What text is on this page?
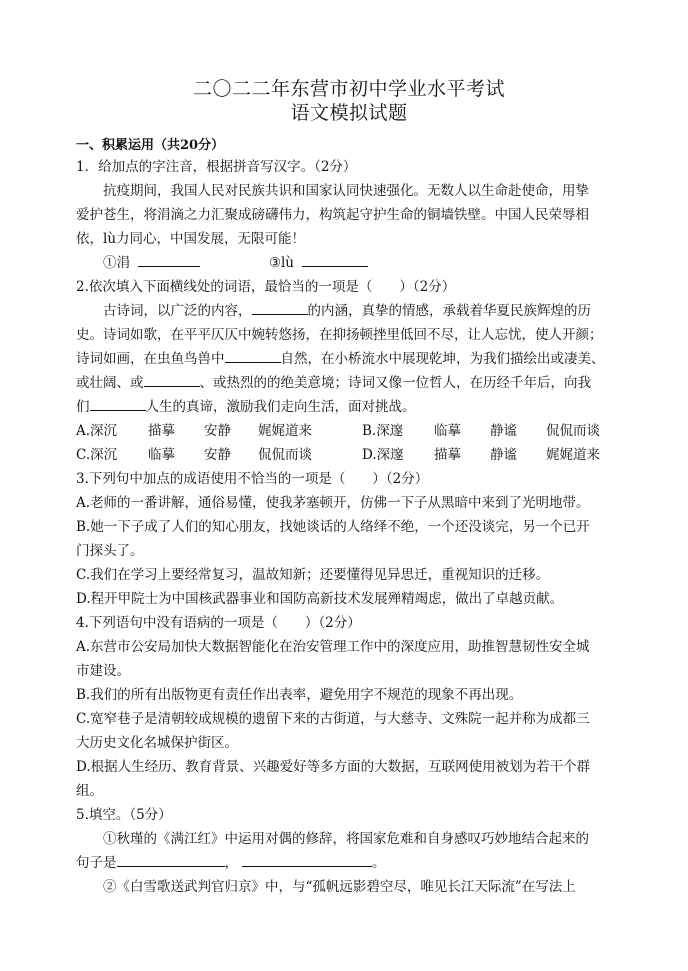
二〇二二年东营市初中学业水平考试
语文模拟试题
一、积累运用（共20分）
1．给加点的字注音，根据拼音写汉字。（2分）
抗疫期间，我国人民对民族共识和国家认同快速强化。无数人以生命赴使命，用挚
爱护苍生，将涓滴之力汇聚成磅礴伟力，构筑起守护生命的铜墙铁壁。中国人民荣辱相
依，lù力同心，中国发展，无限可能！
①涓	③lù
2.依次填入下面横线处的词语，最恰当的一项是（　　）（2分）
古诗词，以广泛的内容，	的内涵，真挚的情感，承载着华夏民族辉煌的历
史。诗词如歌，在平平仄仄中婉转悠扬，在抑扬顿挫里低回不尽，让人忘忧，使人开颜；
诗词如画，在虫鱼鸟兽中	自然，在小桥流水中展现乾坤，为我们描绘出或凄美、
或壮阔、或	、或热烈的的绝美意境；诗词又像一位哲人，在历经千年后，向我
们	人生的真谛，激励我们走向生活，面对挑战。
A.深沉	描摹	安静	娓娓道来	B.深邃	临摹	静谧	侃侃而谈
C.深沉	临摹	安静	侃侃而谈	D.深邃	描摹	静谧	娓娓道来
3.下列句中加点的成语使用不恰当的一项是（　　）（2分）
A.老师的一番讲解，通俗易懂，使我茅塞顿开，仿佛一下子从黑暗中来到了光明地带。
B.她一下子成了人们的知心朋友，找她谈话的人络绎不绝，一个还没谈完，另一个已开
门探头了。
C.我们在学习上要经常复习，温故知新；还要懂得见异思迁，重视知识的迁移。
D.程开甲院士为中国核武器事业和国防高新技术发展殚精竭虑，做出了卓越贡献。
4.下列语句中没有语病的一项是（　　）（2分）
A.东营市公安局加快大数据智能化在治安管理工作中的深度应用，助推智慧韧性安全城
市建设。
B.我们的所有出版物更有责任作出表率，避免用字不规范的现象不再出现。
C.宽窄巷子是清朝较成规模的遗留下来的古街道，与大慈寺、文殊院一起并称为成都三
大历史文化名城保护街区。
D.根据人生经历、教育背景、兴趣爱好等多方面的大数据，互联网使用被划为若干个群
组。
5.填空。（5分）
①秋瑾的《满江红》中运用对偶的修辞，将国家危难和自身感叹巧妙地结合起来的
句子是	，	。
②《白雪歌送武判官归京》中，与“孤帆远影碧空尽，唯见长江天际流”在写法上
